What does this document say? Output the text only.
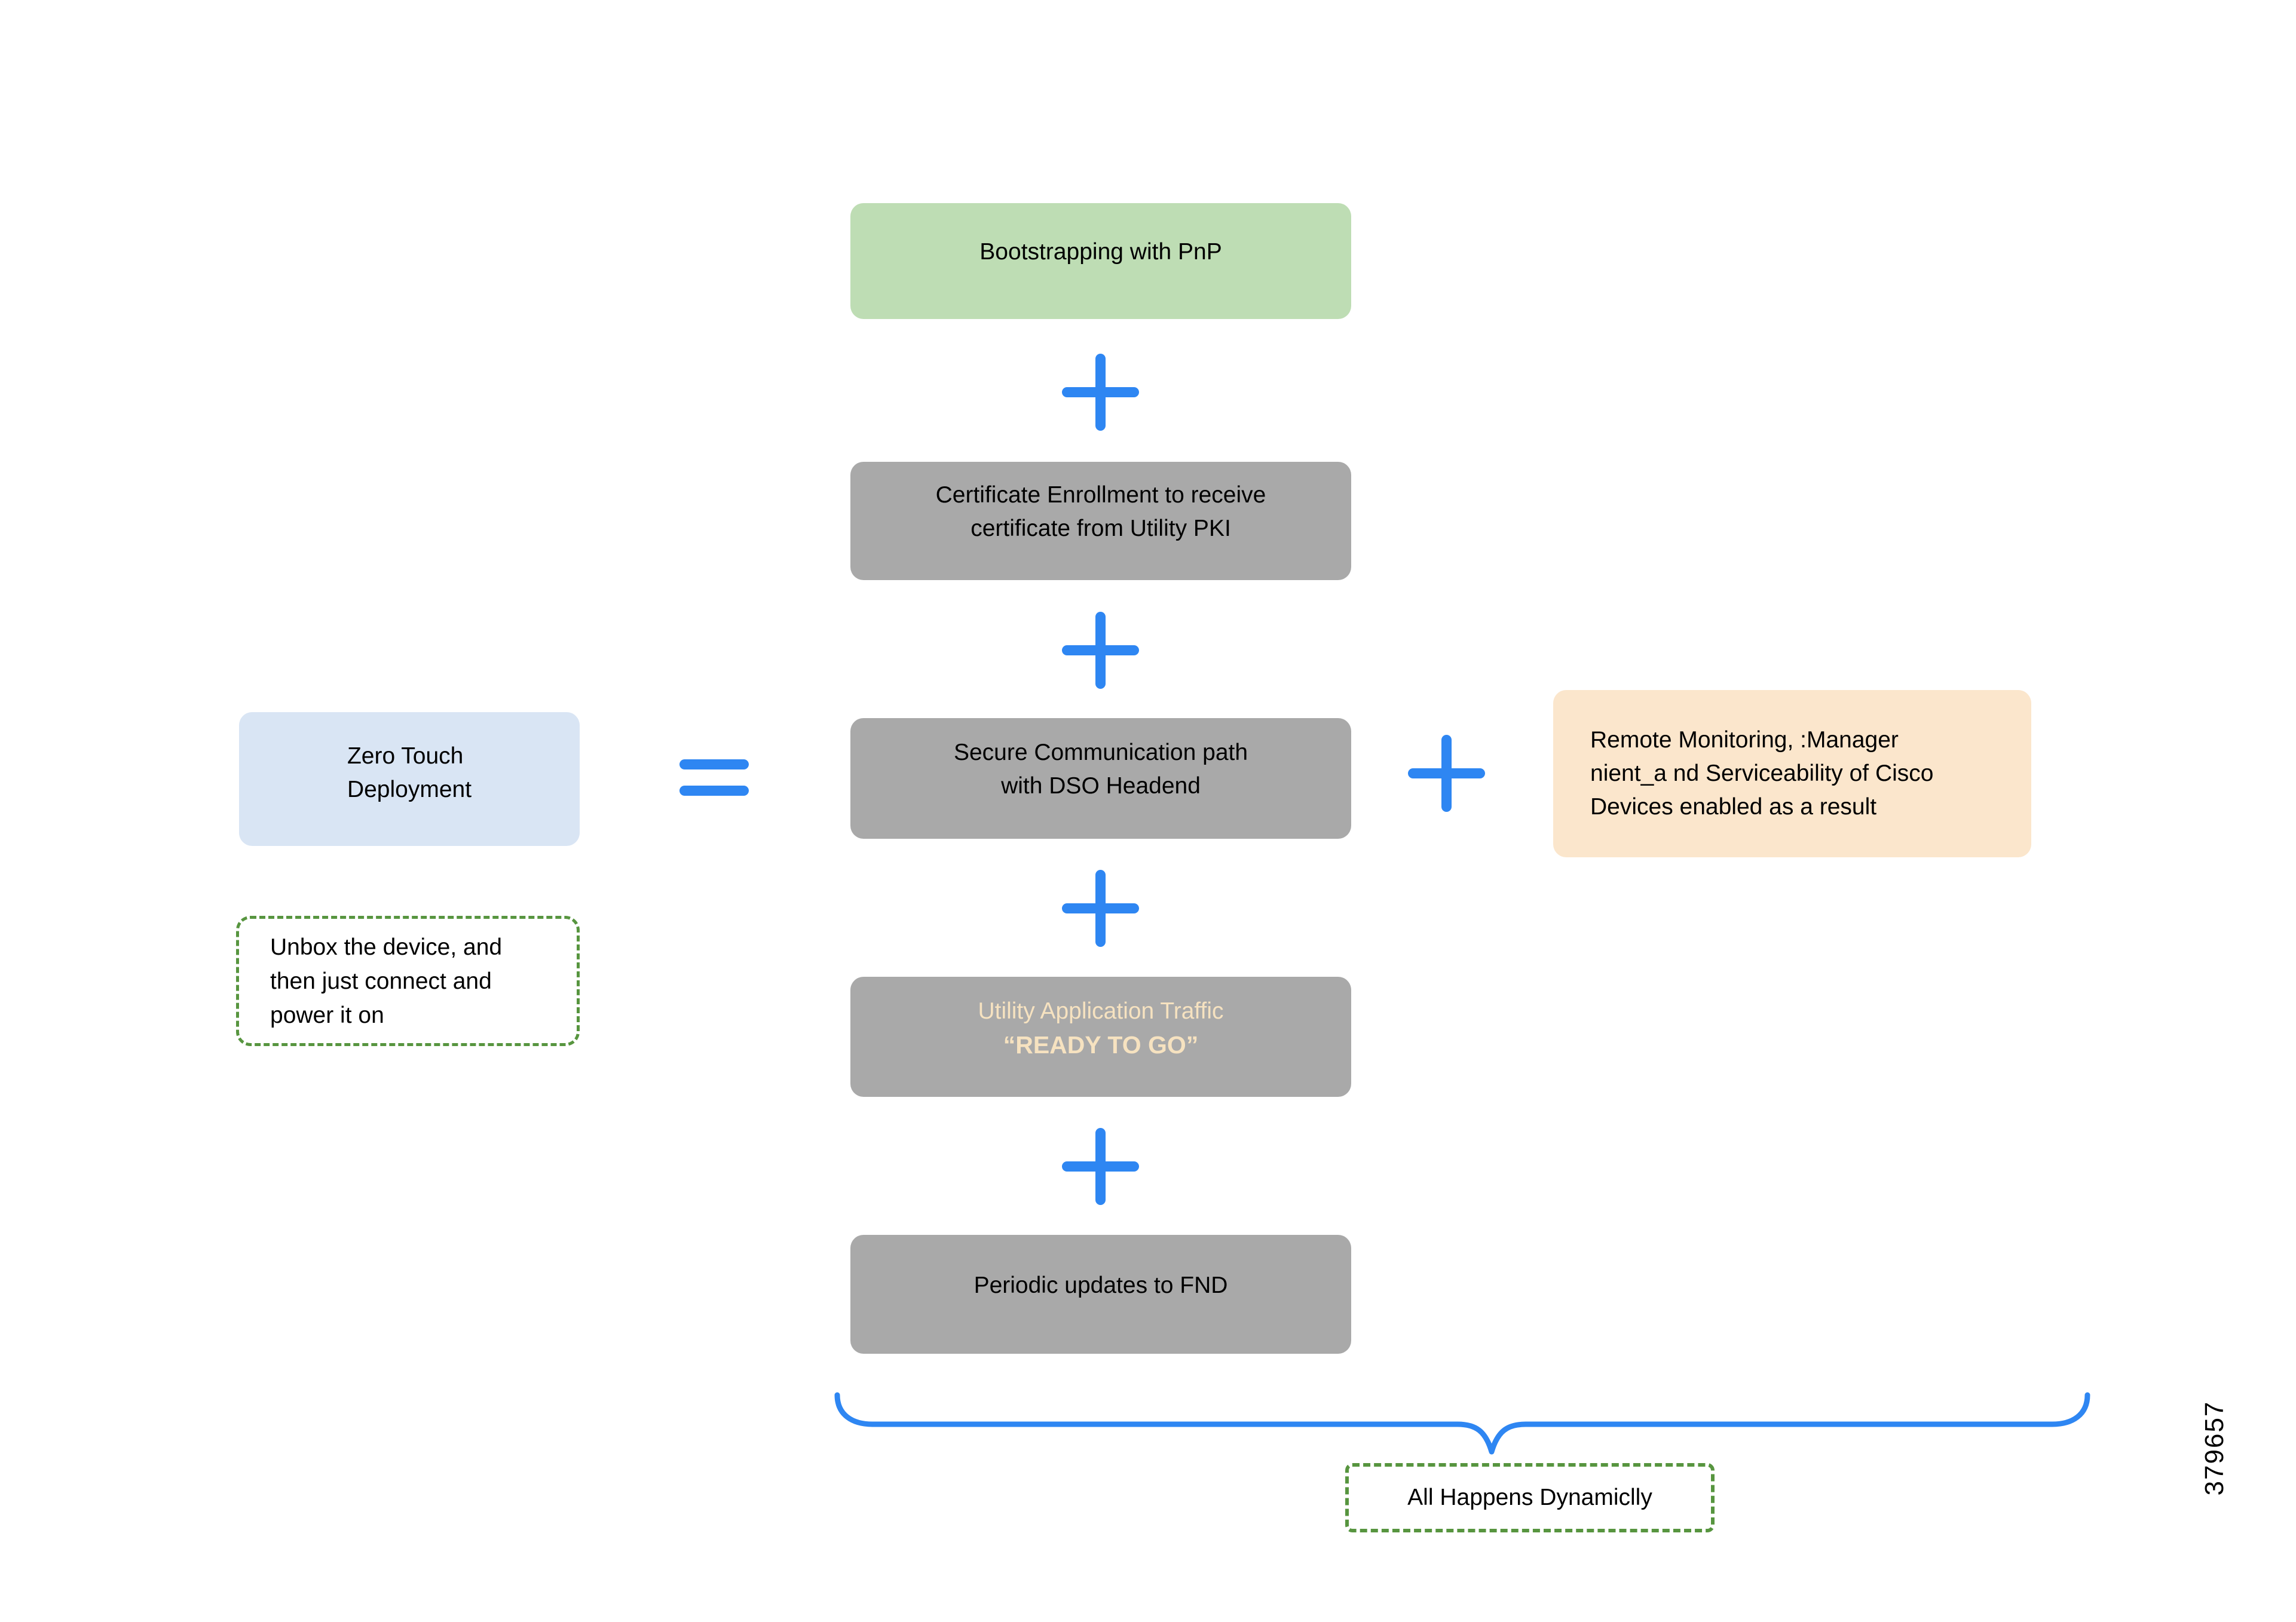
Zero Touch
Deployment
Unbox the device, and
then just connect and
power it on
Bootstrapping with PnP
Certificate Enrollment to receive
certificate from Utility PKI
Secure Communication path
with DSO Headend
Utility Application Traffic
“READY TO GO”
Periodic updates to FND
Remote Monitoring, :Manager
nient_a nd Serviceability of Cisco
Devices enabled as a result
All Happens Dynamiclly
379657
